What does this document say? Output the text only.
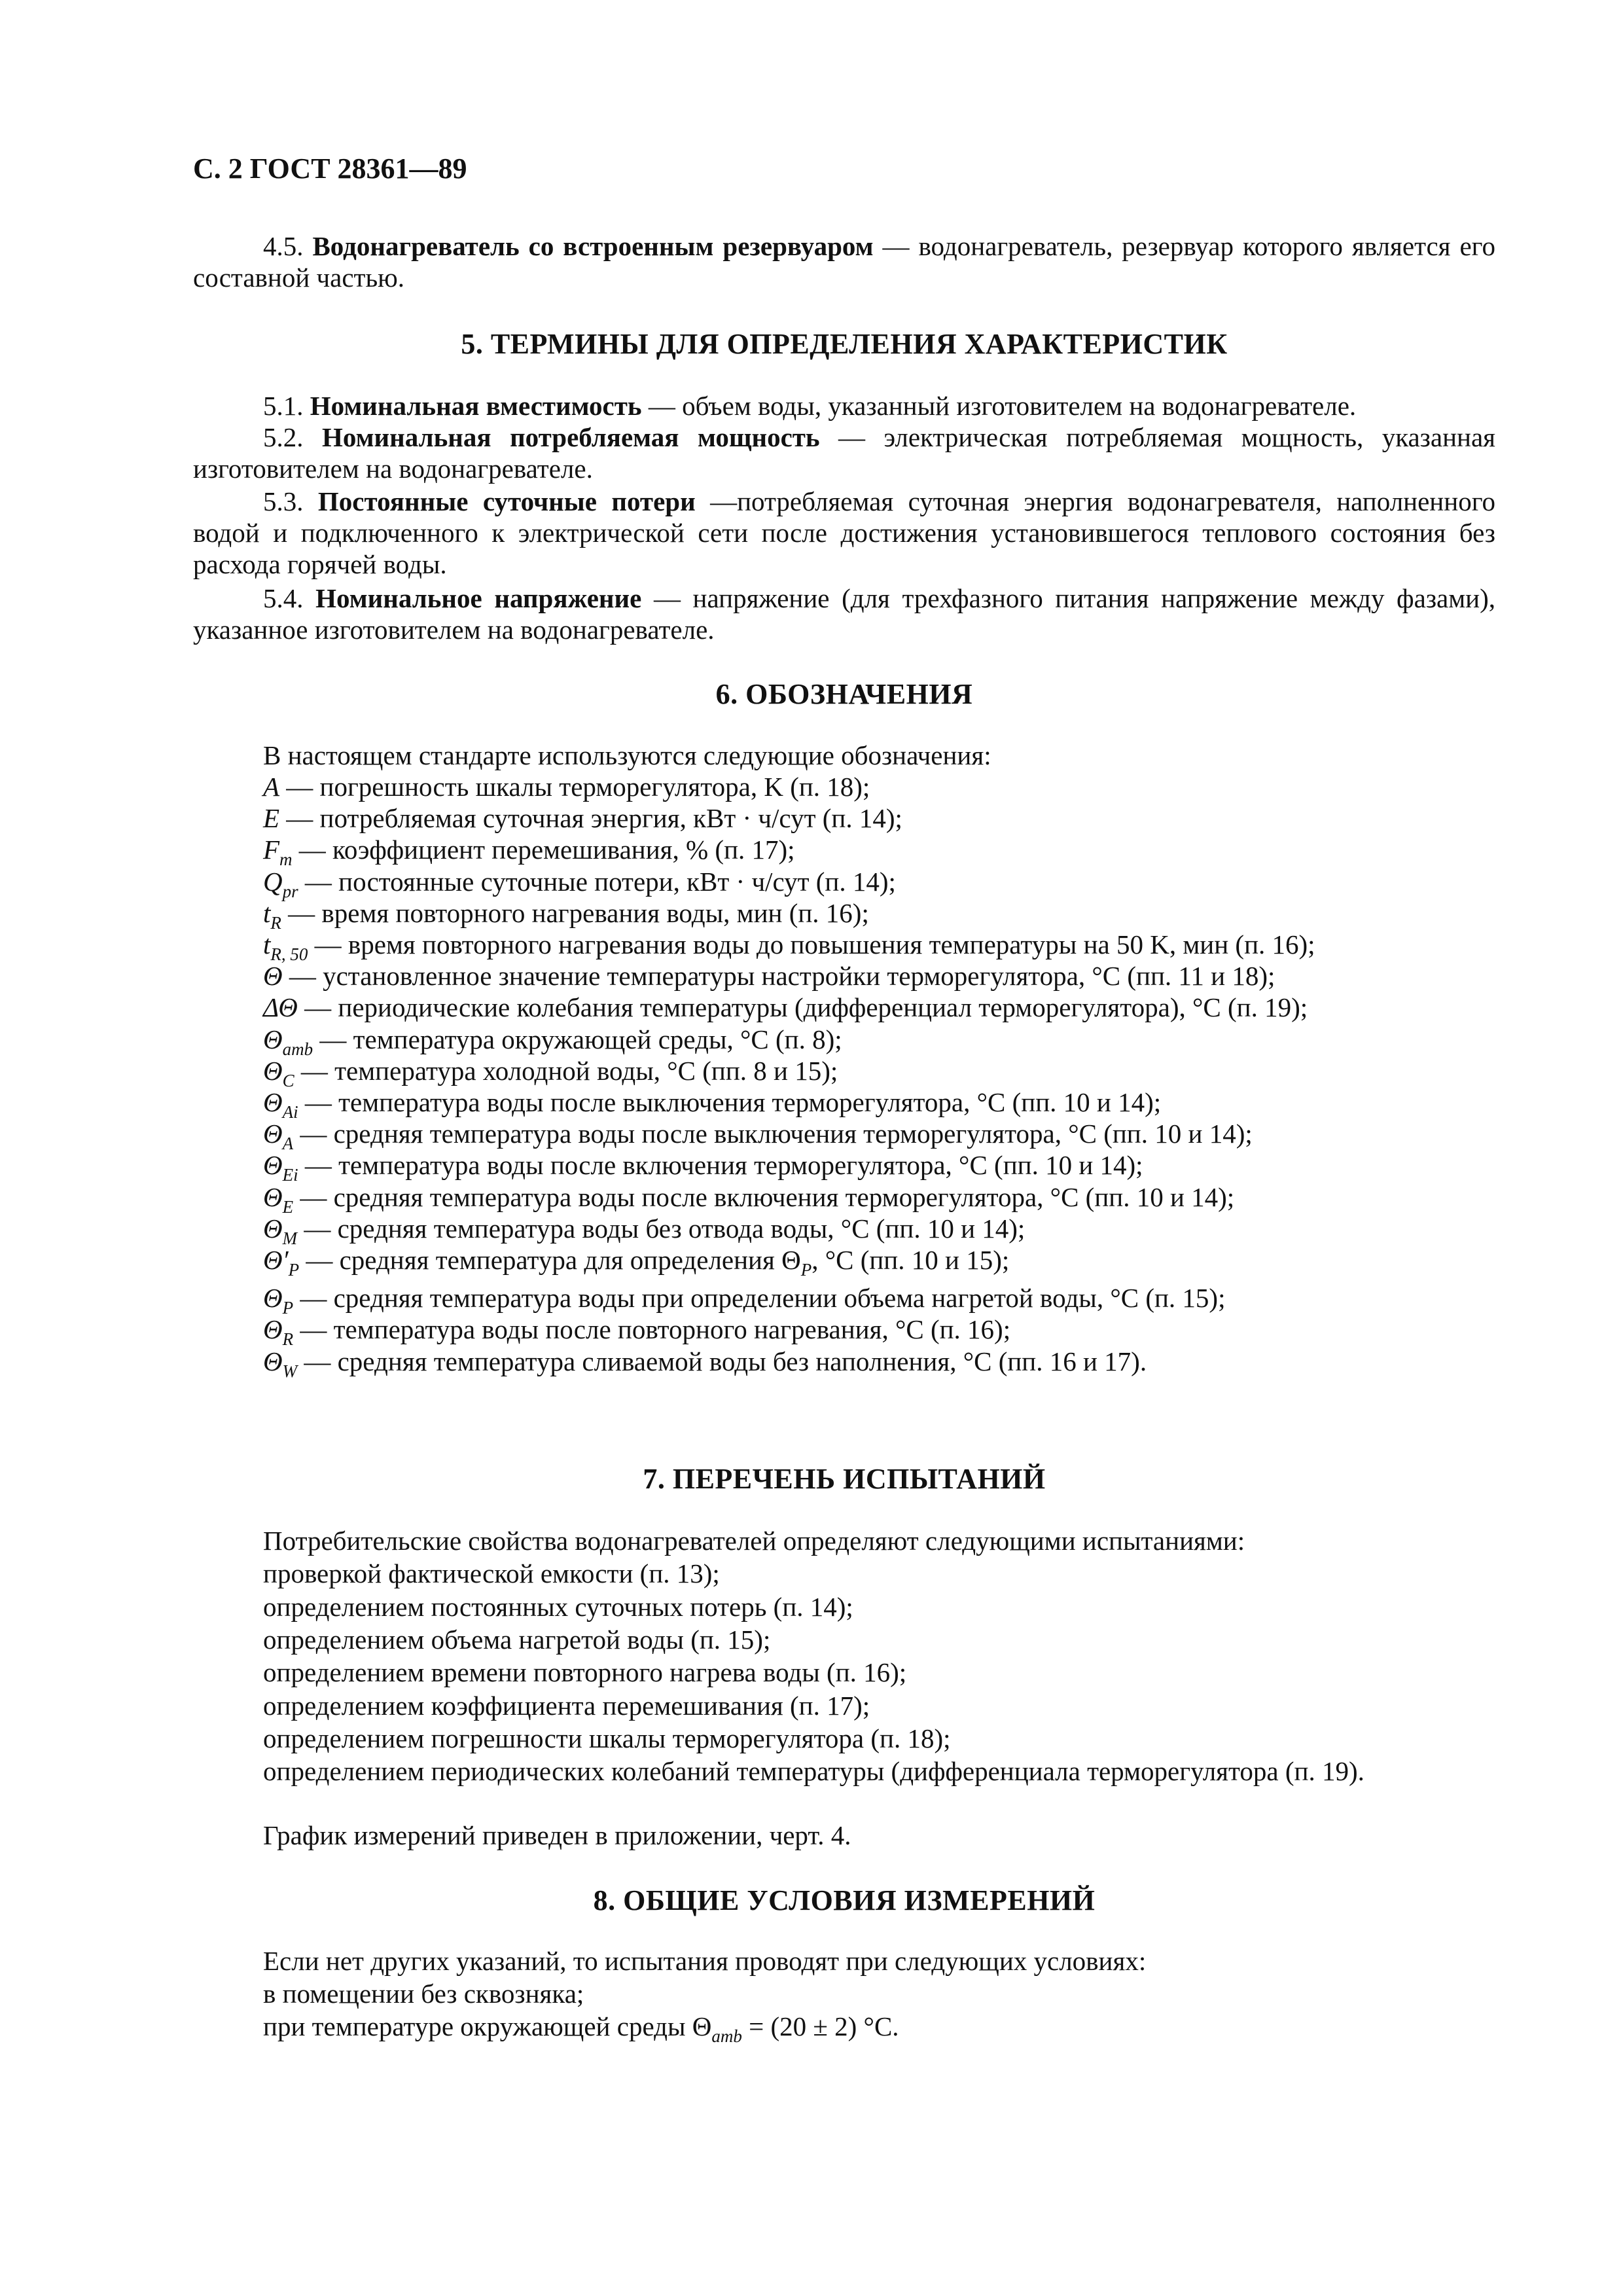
С. 2 ГОСТ 28361—89
4.5. Водонагреватель со встроенным резервуаром — водонагреватель, резервуар которого является его составной частью.
5. ТЕРМИНЫ ДЛЯ ОПРЕДЕЛЕНИЯ ХАРАКТЕРИСТИК
5.1. Номинальная вместимость — объем воды, указанный изготовителем на водонагревателе.
5.2. Номинальная потребляемая мощность — электрическая потребляемая мощность, указанная изготовителем на водонагревателе.
5.3. Постоянные суточные потери —потребляемая суточная энергия водонагревателя, наполненного водой и подключенного к электрической сети после достижения установившегося теплового состояния без расхода горячей воды.
5.4. Номинальное напряжение — напряжение (для трехфазного питания напряжение между фазами), указанное изготовителем на водонагревателе.
6. ОБОЗНАЧЕНИЯ
В настоящем стандарте используются следующие обозначения:
A — погрешность шкалы терморегулятора, K (п. 18);
E — потребляемая суточная энергия, кВт · ч/сут (п. 14);
$F_m$ — коэффициент перемешивания, % (п. 17);
$Q_{pr}$ — постоянные суточные потери, кВт · ч/сут (п. 14);
$t_R$ — время повторного нагревания воды, мин (п. 16);
$t_{R, 50}$ — время повторного нагревания воды до повышения температуры на 50 K, мин (п. 16);
Θ — установленное значение температуры настройки терморегулятора, °С (пп. 11 и 18);
ΔΘ — периодические колебания температуры (дифференциал терморегулятора), °С (п. 19);
$\Theta_{amb}$ — температура окружающей среды, °С (п. 8);
$\Theta_C$ — температура холодной воды, °С (пп. 8 и 15);
$\Theta_{Ai}$ — температура воды после выключения терморегулятора, °С (пп. 10 и 14);
$\Theta_A$ — средняя температура воды после выключения терморегулятора, °С (пп. 10 и 14);
$\Theta_{Ei}$ — температура воды после включения терморегулятора, °С (пп. 10 и 14);
$\Theta_E$ — средняя температура воды после включения терморегулятора, °С (пп. 10 и 14);
$\Theta_M$ — средняя температура воды без отвода воды, °С (пп. 10 и 14);
$\Theta'_P$ — средняя температура для определения $\Theta_P$, °С (пп. 10 и 15);
$\Theta_P$ — средняя температура воды при определении объема нагретой воды, °С (п. 15);
$\Theta_R$ — температура воды после повторного нагревания, °С (п. 16);
$\Theta_W$ — средняя температура сливаемой воды без наполнения, °С (пп. 16 и 17).
7. ПЕРЕЧЕНЬ ИСПЫТАНИЙ
Потребительские свойства водонагревателей определяют следующими испытаниями:
проверкой фактической емкости (п. 13);
определением постоянных суточных потерь (п. 14);
определением объема нагретой воды (п. 15);
определением времени повторного нагрева воды (п. 16);
определением коэффициента перемешивания (п. 17);
определением погрешности шкалы терморегулятора (п. 18);
определением периодических колебаний температуры (дифференциала терморегулятора (п. 19).
График измерений приведен в приложении, черт. 4.
8. ОБЩИЕ УСЛОВИЯ ИЗМЕРЕНИЙ
Если нет других указаний, то испытания проводят при следующих условиях:
в помещении без сквозняка;
при температуре окружающей среды $\Theta_{amb} = (20 \pm 2)$ °С.
